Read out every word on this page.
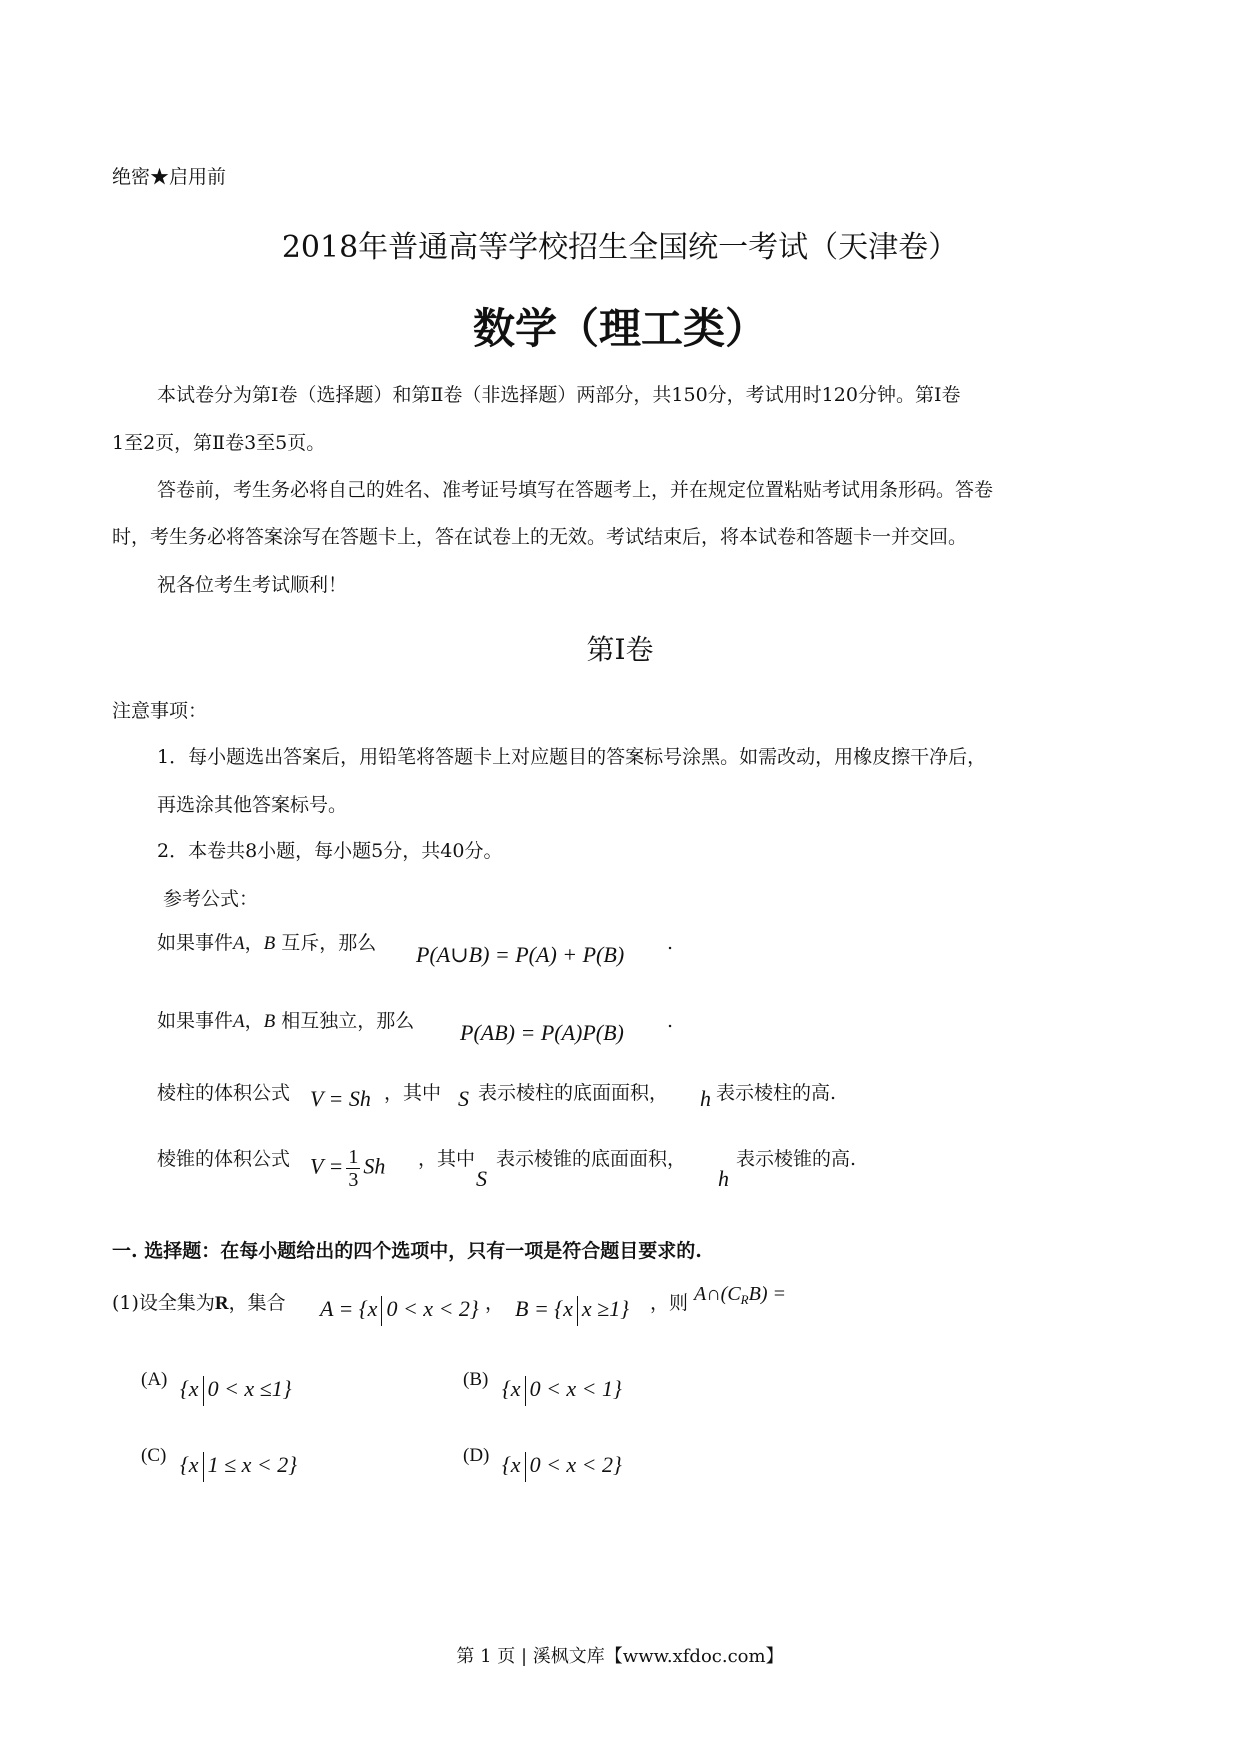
绝密★启用前
2018年普通高等学校招生全国统一考试（天津卷）
数学（理工类）
本试卷分为第Ⅰ卷（选择题）和第Ⅱ卷（非选择题）两部分，共150分，考试用时120分钟。第Ⅰ卷
1至2页，第Ⅱ卷3至5页。
答卷前，考生务必将自己的姓名、准考证号填写在答题考上，并在规定位置粘贴考试用条形码。答卷
时，考生务必将答案涂写在答题卡上，答在试卷上的无效。考试结束后，将本试卷和答题卡一并交回。
祝各位考生考试顺利！
第Ⅰ卷
注意事项：
1．每小题选出答案后，用铅笔将答题卡上对应题目的答案标号涂黑。如需改动，用橡皮擦干净后，
再选涂其他答案标号。
2．本卷共8小题，每小题5分，共40分。
参考公式：
如果事件A，B 互斥，那么 P(A∪B) = P(A) + P(B) .
如果事件A，B 相互独立，那么 P(AB) = P(A)P(B) .
棱柱的体积公式 V = Sh ，其中 S 表示棱柱的底面面积， h 表示棱柱的高.
棱锥的体积公式 $V = \frac{1}{3}$ Sh ，其中
S
表示棱锥的底面面积，
h
表示棱锥的高.
一. 选择题：在每小题给出的四个选项中，只有一项是符合题目要求的.
(1)设全集为R，集合 A = {x 0 < x < 2} ， B = {x x ≥1} ，则 $A\cap(C_RB)$ =
(A) {x 0 < x ≤1}	(B) {x 0 < x < 1}
(C) {x 1 ≤ x < 2}	(D) {x 0 < x < 2}
第 1 页 | 溪枫文库【www.xfdoc.com】
